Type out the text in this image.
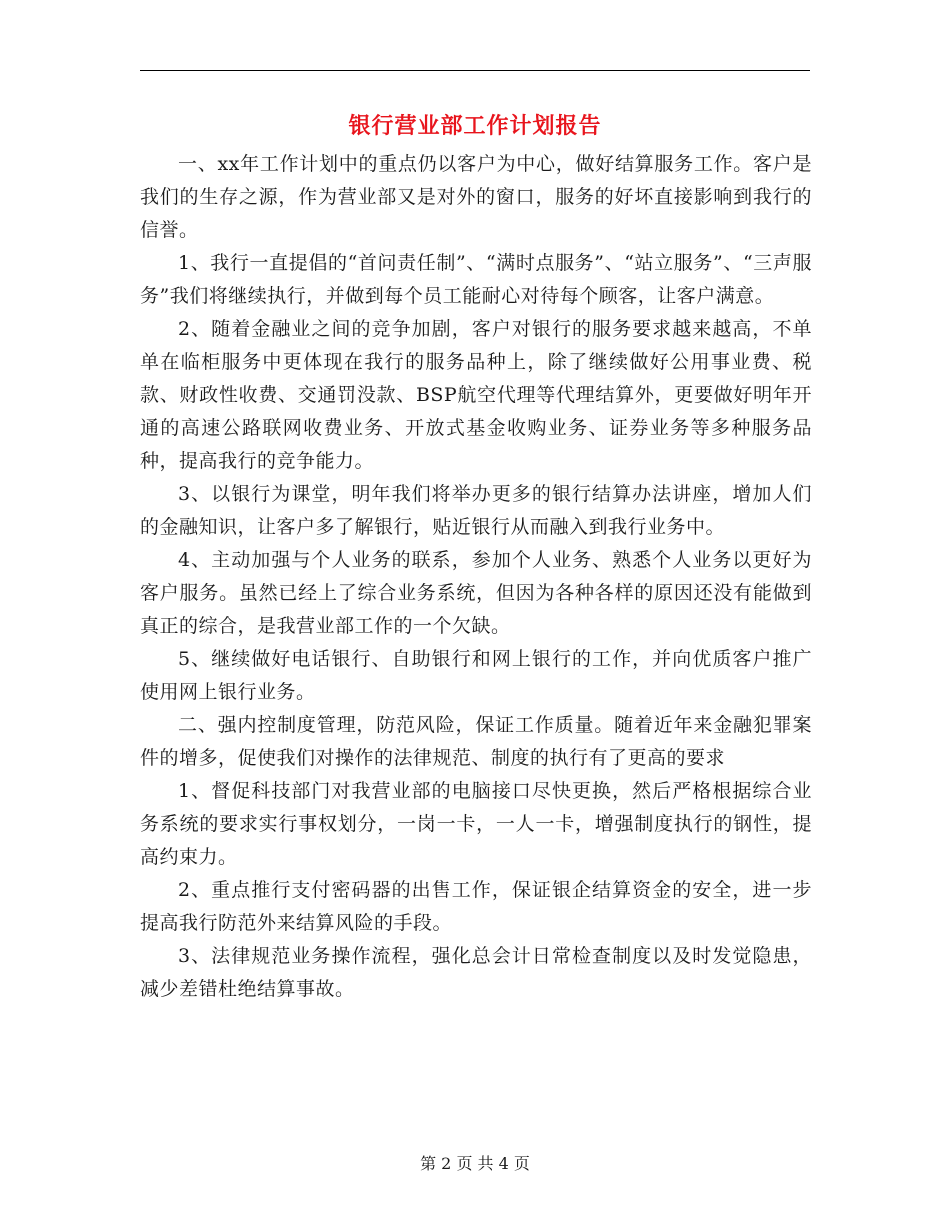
银行营业部工作计划报告

一、xx年工作计划中的重点仍以客户为中心，做好结算服务工作。客户是我们的生存之源，作为营业部又是对外的窗口，服务的好坏直接影响到我行的信誉。

1、我行一直提倡的“首问责任制”、“满时点服务”、“站立服务”、“三声服务”我们将继续执行，并做到每个员工能耐心对待每个顾客，让客户满意。

2、随着金融业之间的竞争加剧，客户对银行的服务要求越来越高，不单单在临柜服务中更体现在我行的服务品种上，除了继续做好公用事业费、税款、财政性收费、交通罚没款、BSP航空代理等代理结算外，更要做好明年开通的高速公路联网收费业务、开放式基金收购业务、证券业务等多种服务品种，提高我行的竞争能力。

3、以银行为课堂，明年我们将举办更多的银行结算办法讲座，增加人们的金融知识，让客户多了解银行，贴近银行从而融入到我行业务中。

4、主动加强与个人业务的联系，参加个人业务、熟悉个人业务以更好为客户服务。虽然已经上了综合业务系统，但因为各种各样的原因还没有能做到真正的综合，是我营业部工作的一个欠缺。

5、继续做好电话银行、自助银行和网上银行的工作，并向优质客户推广使用网上银行业务。

二、强内控制度管理，防范风险，保证工作质量。随着近年来金融犯罪案件的增多，促使我们对操作的法律规范、制度的执行有了更高的要求

1、督促科技部门对我营业部的电脑接口尽快更换，然后严格根据综合业务系统的要求实行事权划分，一岗一卡，一人一卡，增强制度执行的钢性，提高约束力。

2、重点推行支付密码器的出售工作，保证银企结算资金的安全，进一步提高我行防范外来结算风险的手段。

3、法律规范业务操作流程，强化总会计日常检查制度以及时发觉隐患，减少差错杜绝结算事故。

第 2 页 共 4 页
